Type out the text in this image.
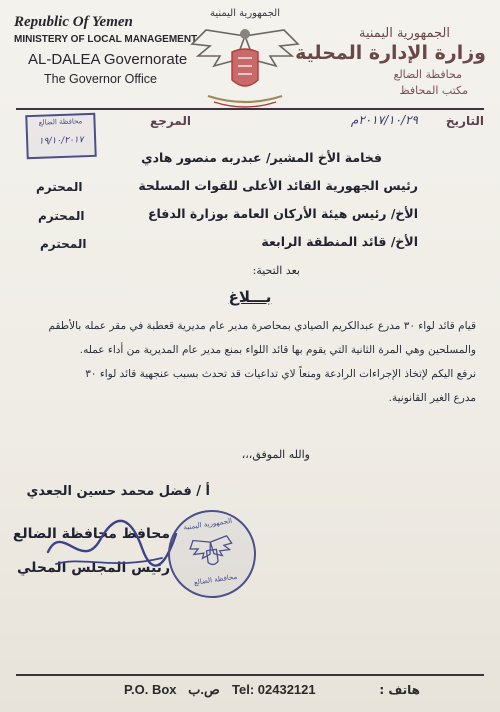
Republic Of Yemen
MINISTERY OF LOCAL MANAGEMENT
AL-DALEA Governorate
The Governor Office
الجمهورية اليمنية
الجمهورية اليمنية
وزارة الإدارة المحلية
محافظة الضالع
مكتب المحافظ
التاريخ
٢٠١٧/١٠/٢٩م
المرجع
محافظة الضالع
١٩/١٠/٢٠١٧
فخامة الأخ المشير/ عبدربه منصور هادي
رئيس الجهورية القائد الأعلى للقوات المسلحة
المحترم
الأخ/ رئيس هيئة الأركان العامة بوزارة الدفاع
المحترم
الأخ/ قائد المنطقة الرابعة
المحترم
بعد التحية:
بـــلاغ
قيام قائد لواء ٣٠ مدرع عبدالكريم الصيادي بمحاصرة مدير عام مديرية قعطبة في مقر عمله بالأطقم
والمسلحين وهي المرة الثانية التي يقوم بها قائد اللواء بمنع مدير عام المديرية من أداء عمله.
نرفع اليكم لإتخاذ الإجراءات الرادعة ومنعاً لاي تداعيات قد تحدث بسبب عنجهية قائد لواء ٣٠
مدرع الغير القانونية.
والله الموفق،،،
أ / فضل محمد حسين الجعدي
محافظ محافظة الضالع
رئيس المجلس المحلي
الجمهورية اليمنية
محافظة الضالع
P.O. Box ص.ب Tel: 02432121	هاتف :
